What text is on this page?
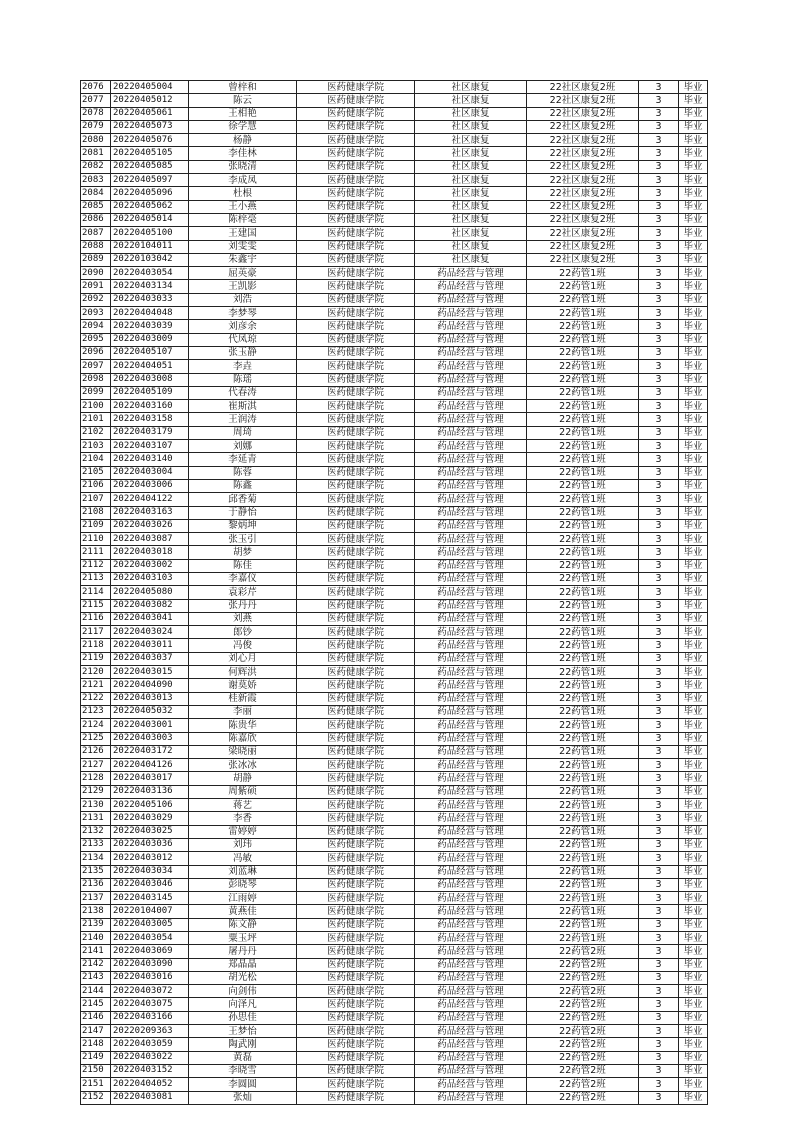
2076	20220405004	曾梓和	医药健康学院	社区康复	22社区康复2班	3	毕业
2077	20220405012	陈云	医药健康学院	社区康复	22社区康复2班	3	毕业
2078	20220405061	王相艳	医药健康学院	社区康复	22社区康复2班	3	毕业
2079	20220405073	徐学慧	医药健康学院	社区康复	22社区康复2班	3	毕业
2080	20220405076	杨静	医药健康学院	社区康复	22社区康复2班	3	毕业
2081	20220405105	李佳林	医药健康学院	社区康复	22社区康复2班	3	毕业
2082	20220405085	张晓清	医药健康学院	社区康复	22社区康复2班	3	毕业
2083	20220405097	李成凤	医药健康学院	社区康复	22社区康复2班	3	毕业
2084	20220405096	杜根	医药健康学院	社区康复	22社区康复2班	3	毕业
2085	20220405062	王小燕	医药健康学院	社区康复	22社区康复2班	3	毕业
2086	20220405014	陈梓毫	医药健康学院	社区康复	22社区康复2班	3	毕业
2087	20220405100	王建国	医药健康学院	社区康复	22社区康复2班	3	毕业
2088	20220104011	刘雯雯	医药健康学院	社区康复	22社区康复2班	3	毕业
2089	20220103042	朱鑫宇	医药健康学院	社区康复	22社区康复2班	3	毕业
2090	20220403054	屈英豪	医药健康学院	药品经营与管理	22药管1班	3	毕业
2091	20220403134	王凯影	医药健康学院	药品经营与管理	22药管1班	3	毕业
2092	20220403033	刘浩	医药健康学院	药品经营与管理	22药管1班	3	毕业
2093	20220404048	李梦琴	医药健康学院	药品经营与管理	22药管1班	3	毕业
2094	20220403039	刘彦余	医药健康学院	药品经营与管理	22药管1班	3	毕业
2095	20220403009	代凤琼	医药健康学院	药品经营与管理	22药管1班	3	毕业
2096	20220405107	张玉静	医药健康学院	药品经营与管理	22药管1班	3	毕业
2097	20220404051	李垚	医药健康学院	药品经营与管理	22药管1班	3	毕业
2098	20220403008	陈瑶	医药健康学院	药品经营与管理	22药管1班	3	毕业
2099	20220405109	代春涛	医药健康学院	药品经营与管理	22药管1班	3	毕业
2100	20220403160	崔斯淇	医药健康学院	药品经营与管理	22药管1班	3	毕业
2101	20220403158	王润涛	医药健康学院	药品经营与管理	22药管1班	3	毕业
2102	20220403179	周琦	医药健康学院	药品经营与管理	22药管1班	3	毕业
2103	20220403107	刘娜	医药健康学院	药品经营与管理	22药管1班	3	毕业
2104	20220403140	李延青	医药健康学院	药品经营与管理	22药管1班	3	毕业
2105	20220403004	陈蓉	医药健康学院	药品经营与管理	22药管1班	3	毕业
2106	20220403006	陈鑫	医药健康学院	药品经营与管理	22药管1班	3	毕业
2107	20220404122	邱香菊	医药健康学院	药品经营与管理	22药管1班	3	毕业
2108	20220403163	于静怡	医药健康学院	药品经营与管理	22药管1班	3	毕业
2109	20220403026	黎炳坤	医药健康学院	药品经营与管理	22药管1班	3	毕业
2110	20220403087	张玉引	医药健康学院	药品经营与管理	22药管1班	3	毕业
2111	20220403018	胡梦	医药健康学院	药品经营与管理	22药管1班	3	毕业
2112	20220403002	陈佳	医药健康学院	药品经营与管理	22药管1班	3	毕业
2113	20220403103	李嘉仪	医药健康学院	药品经营与管理	22药管1班	3	毕业
2114	20220405080	袁彩芹	医药健康学院	药品经营与管理	22药管1班	3	毕业
2115	20220403082	张丹丹	医药健康学院	药品经营与管理	22药管1班	3	毕业
2116	20220403041	刘燕	医药健康学院	药品经营与管理	22药管1班	3	毕业
2117	20220403024	郎钞	医药健康学院	药品经营与管理	22药管1班	3	毕业
2118	20220403011	冯俊	医药健康学院	药品经营与管理	22药管1班	3	毕业
2119	20220403037	刘心月	医药健康学院	药品经营与管理	22药管1班	3	毕业
2120	20220403015	何辉洪	医药健康学院	药品经营与管理	22药管1班	3	毕业
2121	20220404090	谢莫娇	医药健康学院	药品经营与管理	22药管1班	3	毕业
2122	20220403013	桂新霞	医药健康学院	药品经营与管理	22药管1班	3	毕业
2123	20220405032	李丽	医药健康学院	药品经营与管理	22药管1班	3	毕业
2124	20220403001	陈贵华	医药健康学院	药品经营与管理	22药管1班	3	毕业
2125	20220403003	陈嘉欣	医药健康学院	药品经营与管理	22药管1班	3	毕业
2126	20220403172	梁晓丽	医药健康学院	药品经营与管理	22药管1班	3	毕业
2127	20220404126	张冰冰	医药健康学院	药品经营与管理	22药管1班	3	毕业
2128	20220403017	胡静	医药健康学院	药品经营与管理	22药管1班	3	毕业
2129	20220403136	周紫硕	医药健康学院	药品经营与管理	22药管1班	3	毕业
2130	20220405106	蒋艺	医药健康学院	药品经营与管理	22药管1班	3	毕业
2131	20220403029	李香	医药健康学院	药品经营与管理	22药管1班	3	毕业
2132	20220403025	雷婷婷	医药健康学院	药品经营与管理	22药管1班	3	毕业
2133	20220403036	刘玮	医药健康学院	药品经营与管理	22药管1班	3	毕业
2134	20220403012	冯敏	医药健康学院	药品经营与管理	22药管1班	3	毕业
2135	20220403034	刘蓝琳	医药健康学院	药品经营与管理	22药管1班	3	毕业
2136	20220403046	彭晓琴	医药健康学院	药品经营与管理	22药管1班	3	毕业
2137	20220403145	江雨婷	医药健康学院	药品经营与管理	22药管1班	3	毕业
2138	20220104007	黄燕佳	医药健康学院	药品经营与管理	22药管1班	3	毕业
2139	20220403005	陈文静	医药健康学院	药品经营与管理	22药管1班	3	毕业
2140	20220403054	粟玉坪	医药健康学院	药品经营与管理	22药管1班	3	毕业
2141	20220403069	屠丹丹	医药健康学院	药品经营与管理	22药管2班	3	毕业
2142	20220403090	郑晶晶	医药健康学院	药品经营与管理	22药管2班	3	毕业
2143	20220403016	胡光松	医药健康学院	药品经营与管理	22药管2班	3	毕业
2144	20220403072	向剑伟	医药健康学院	药品经营与管理	22药管2班	3	毕业
2145	20220403075	向泽凡	医药健康学院	药品经营与管理	22药管2班	3	毕业
2146	20220403166	孙思佳	医药健康学院	药品经营与管理	22药管2班	3	毕业
2147	20220209363	王梦怡	医药健康学院	药品经营与管理	22药管2班	3	毕业
2148	20220403059	陶武刚	医药健康学院	药品经营与管理	22药管2班	3	毕业
2149	20220403022	黄磊	医药健康学院	药品经营与管理	22药管2班	3	毕业
2150	20220403152	李晓雪	医药健康学院	药品经营与管理	22药管2班	3	毕业
2151	20220404052	李圆圆	医药健康学院	药品经营与管理	22药管2班	3	毕业
2152	20220403081	张灿	医药健康学院	药品经营与管理	22药管2班	3	毕业
